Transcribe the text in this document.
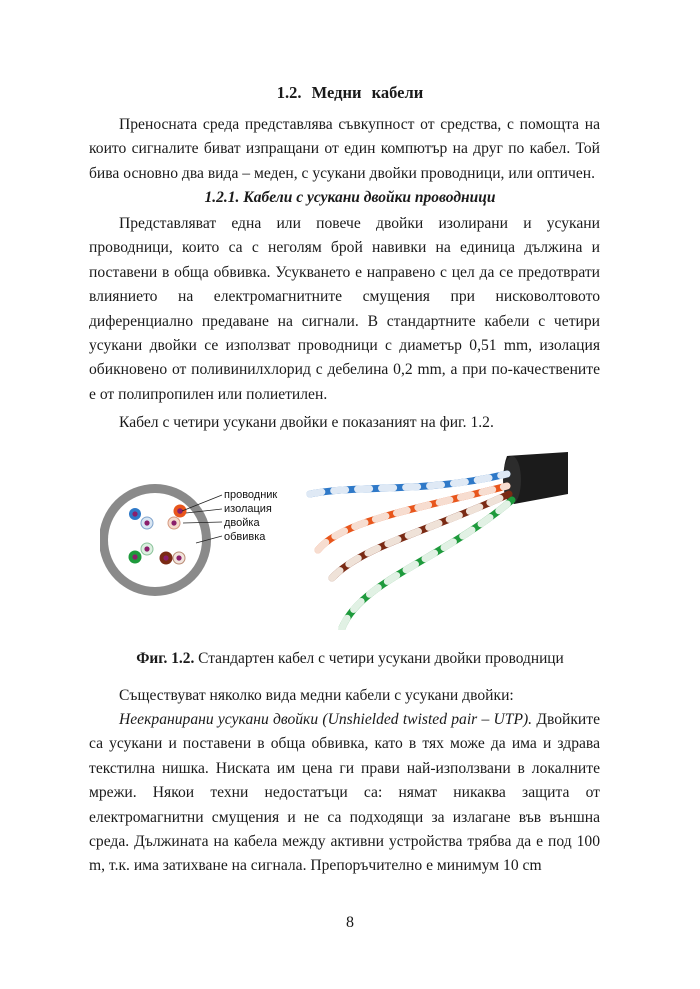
1.2. Медни кабели

Преносната среда представлява съвкупност от средства, с помощта на които сигналите биват изпращани от един компютър на друг по кабел. Той бива основно два вида – меден, с усукани двойки проводници, или оптичен.

1.2.1. Кабели с усукани двойки проводници

Представляват една или повече двойки изолирани и усукани проводници, които са с неголям брой навивки на единица дължина и поставени в обща обвивка. Усукването е направено с цел да се предотврати влиянието на електромагнитните смущения при нисковолтовото диференциално предаване на сигнали. В стандартните кабели с четири усукани двойки се използват проводници с диаметър 0,51 mm, изолация обикновено от поливинилхлорид с дебелина 0,2 mm, а при по-качествените е от полипропилен или полиетилен.

Кабел с четири усукани двойки е показаният на фиг. 1.2.

проводник
изолация
двойка
обвивка
Фиг. 1.2. Стандартен кабел с четири усукани двойки проводници

Съществуват няколко вида медни кабели с усукани двойки:

Неекранирани усукани двойки (Unshielded twisted pair – UTP). Двойките са усукани и поставени в обща обвивка, като в тях може да има и здрава текстилна нишка. Ниската им цена ги прави най-използвани в локалните мрежи. Някои техни недостатъци са: нямат никаква защита от електромагнитни смущения и не са подходящи за излагане във външна среда. Дължината на кабела между активни устройства трябва да е под 100 m, т.к. има затихване на сигнала. Препоръчително е минимум 10 cm

8
